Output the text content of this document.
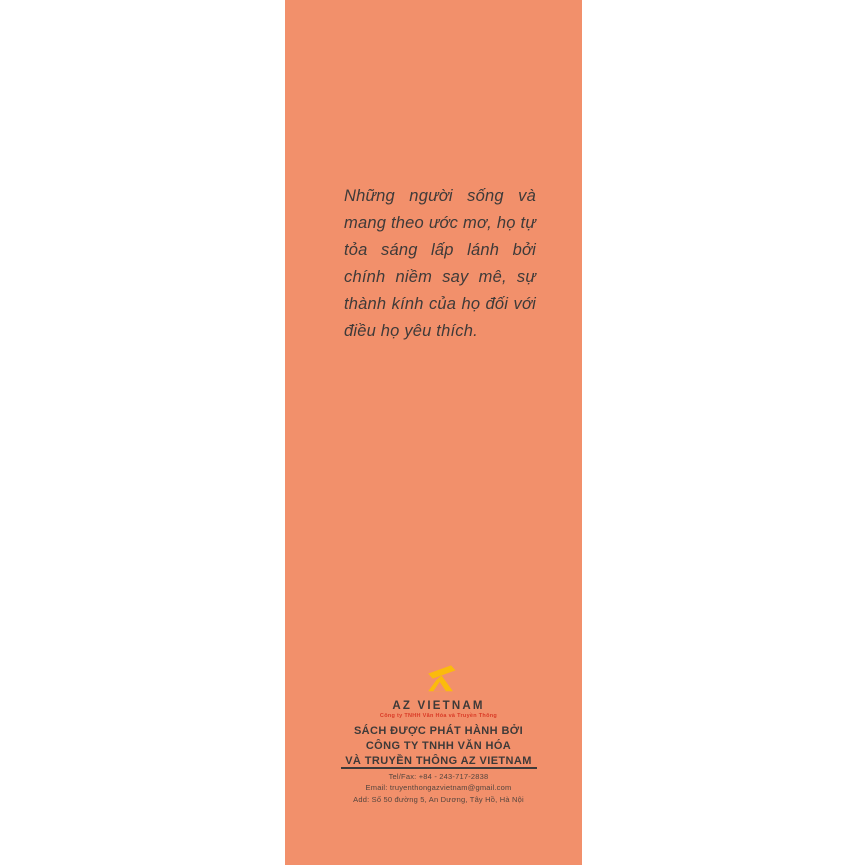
Những người sống và mang theo ước mơ, họ tự tỏa sáng lấp lánh bởi chính niềm say mê, sự thành kính của họ đối với điều họ yêu thích.

AZ VIETNAM
Công ty TNHH Văn Hóa và Truyền Thông
SÁCH ĐƯỢC PHÁT HÀNH BỞI
CÔNG TY TNHH VĂN HÓA
VÀ TRUYỀN THÔNG AZ VIETNAM
Tel/Fax: +84 - 243-717-2838
Email: truyenthongazvietnam@gmail.com
Add: Số 50 đường 5, An Dương, Tây Hồ, Hà Nội
